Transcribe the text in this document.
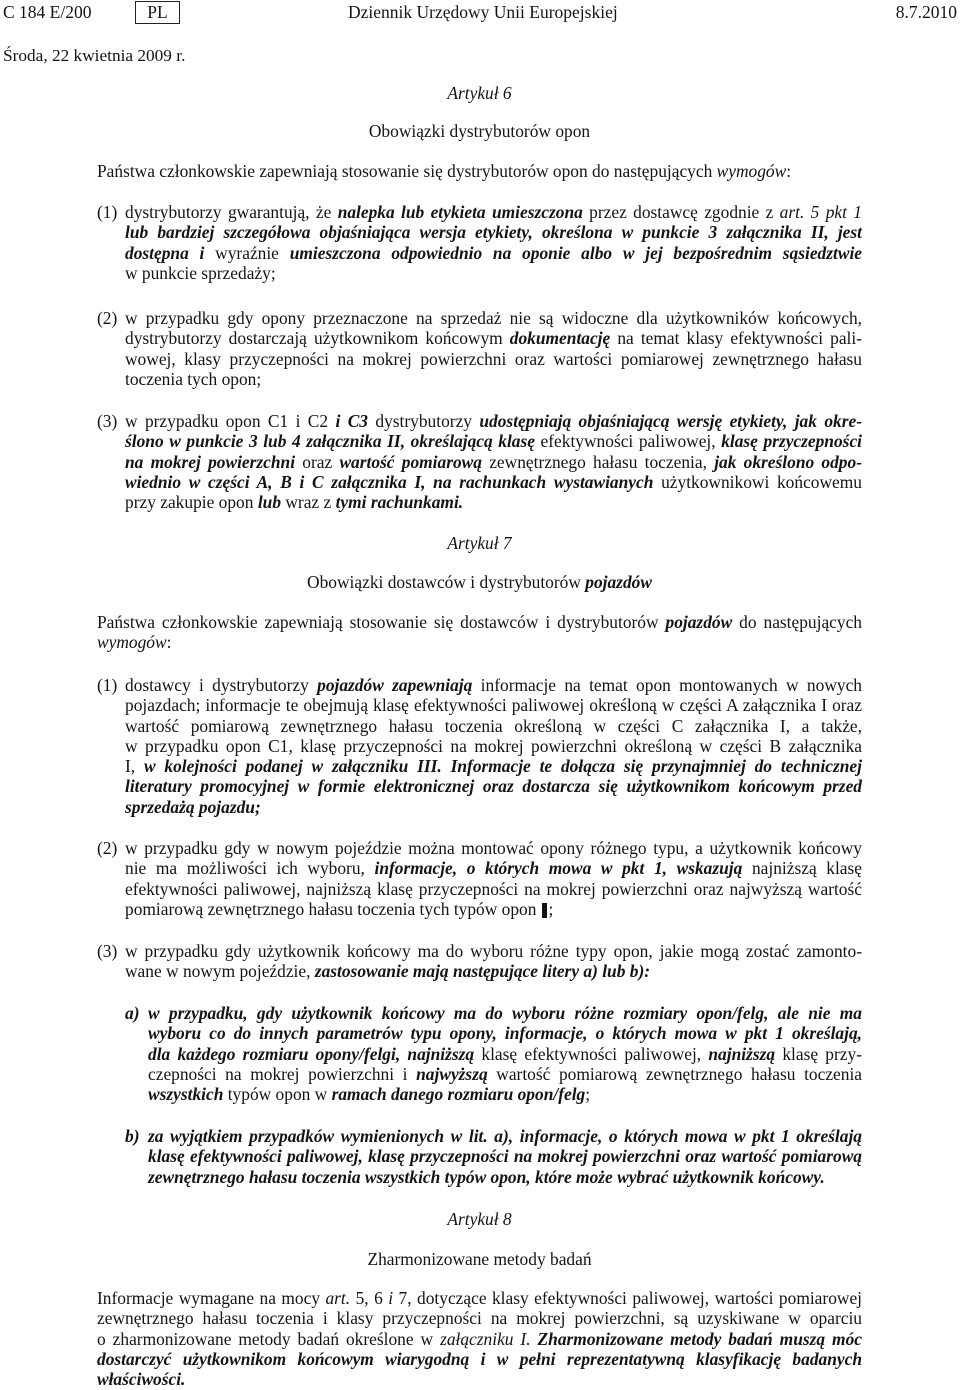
C 184 E/200	PL	Dziennik Urzędowy Unii Europejskiej	8.7.2010
Środa, 22 kwietnia 2009 r.
Artykuł 6
Obowiązki dystrybutorów opon
Państwa członkowskie zapewniają stosowanie się dystrybutorów opon do następujących wymogów:
(1) dystrybutorzy gwarantują, że nalepka lub etykieta umieszczona przez dostawcę zgodnie z art. 5 pkt 1
lub bardziej szczegółowa objaśniająca wersja etykiety, określona w punkcie 3 załącznika II, jest
dostępna i wyraźnie umieszczona odpowiednio na oponie albo w jej bezpośrednim sąsiedztwie
w punkcie sprzedaży;
(2) w przypadku gdy opony przeznaczone na sprzedaż nie są widoczne dla użytkowników końcowych,
dystrybutorzy dostarczają użytkownikom końcowym dokumentację na temat klasy efektywności pali-
wowej, klasy przyczepności na mokrej powierzchni oraz wartości pomiarowej zewnętrznego hałasu
toczenia tych opon;
(3) w przypadku opon C1 i C2 i C3 dystrybutorzy udostępniają objaśniającą wersję etykiety, jak okre-
ślono w punkcie 3 lub 4 załącznika II, określającą klasę efektywności paliwowej, klasę przyczepności
na mokrej powierzchni oraz wartość pomiarową zewnętrznego hałasu toczenia, jak określono odpo-
wiednio w części A, B i C załącznika I, na rachunkach wystawianych użytkownikowi końcowemu
przy zakupie opon lub wraz z tymi rachunkami.
Artykuł 7
Obowiązki dostawców i dystrybutorów pojazdów
Państwa członkowskie zapewniają stosowanie się dostawców i dystrybutorów pojazdów do następujących
wymogów:
(1) dostawcy i dystrybutorzy pojazdów zapewniają informacje na temat opon montowanych w nowych
pojazdach; informacje te obejmują klasę efektywności paliwowej określoną w części A załącznika I oraz
wartość pomiarową zewnętrznego hałasu toczenia określoną w części C załącznika I, a także,
w przypadku opon C1, klasę przyczepności na mokrej powierzchni określoną w części B załącznika
I, w kolejności podanej w załączniku III. Informacje te dołącza się przynajmniej do technicznej
literatury promocyjnej w formie elektronicznej oraz dostarcza się użytkownikom końcowym przed
sprzedażą pojazdu;
(2) w przypadku gdy w nowym pojeździe można montować opony różnego typu, a użytkownik końcowy
nie ma możliwości ich wyboru, informacje, o których mowa w pkt 1, wskazują najniższą klasę
efektywności paliwowej, najniższą klasę przyczepności na mokrej powierzchni oraz najwyższą wartość
pomiarową zewnętrznego hałasu toczenia tych typów opon ;
(3) w przypadku gdy użytkownik końcowy ma do wyboru różne typy opon, jakie mogą zostać zamonto-
wane w nowym pojeździe, zastosowanie mają następujące litery a) lub b):
a) w przypadku, gdy użytkownik końcowy ma do wyboru różne rozmiary opon/felg, ale nie ma
wyboru co do innych parametrów typu opony, informacje, o których mowa w pkt 1 określają,
dla każdego rozmiaru opony/felgi, najniższą klasę efektywności paliwowej, najniższą klasę przy-
czepności na mokrej powierzchni i najwyższą wartość pomiarową zewnętrznego hałasu toczenia
wszystkich typów opon w ramach danego rozmiaru opon/felg;
b) za wyjątkiem przypadków wymienionych w lit. a), informacje, o których mowa w pkt 1 określają
klasę efektywności paliwowej, klasę przyczepności na mokrej powierzchni oraz wartość pomiarową
zewnętrznego hałasu toczenia wszystkich typów opon, które może wybrać użytkownik końcowy.
Artykuł 8
Zharmonizowane metody badań
Informacje wymagane na mocy art. 5, 6 i 7, dotyczące klasy efektywności paliwowej, wartości pomiarowej
zewnętrznego hałasu toczenia i klasy przyczepności na mokrej powierzchni, są uzyskiwane w oparciu
o zharmonizowane metody badań określone w załączniku I. Zharmonizowane metody badań muszą móc
dostarczyć użytkownikom końcowym wiarygodną i w pełni reprezentatywną klasyfikację badanych
właściwości.
